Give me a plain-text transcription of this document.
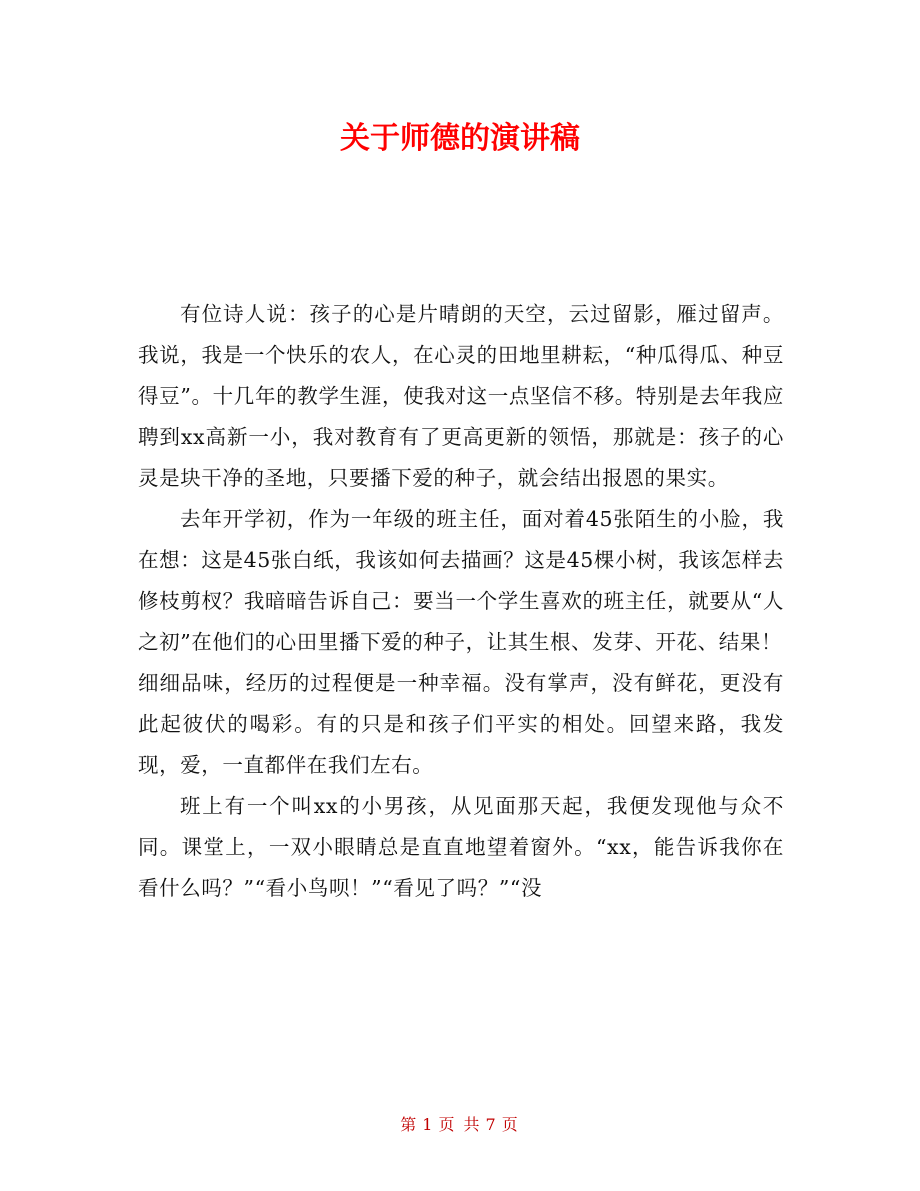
关于师德的演讲稿

有位诗人说：孩子的心是片晴朗的天空，云过留影，雁过留声。我说，我是一个快乐的农人，在心灵的田地里耕耘，“种瓜得瓜、种豆得豆”。十几年的教学生涯，使我对这一点坚信不移。特别是去年我应聘到xx高新一小，我对教育有了更高更新的领悟，那就是：孩子的心灵是块干净的圣地，只要播下爱的种子，就会结出报恩的果实。

去年开学初，作为一年级的班主任，面对着45张陌生的小脸，我在想：这是45张白纸，我该如何去描画？这是45棵小树，我该怎样去修枝剪杈？我暗暗告诉自己：要当一个学生喜欢的班主任，就要从“人之初”在他们的心田里播下爱的种子，让其生根、发芽、开花、结果！

细细品味，经历的过程便是一种幸福。没有掌声，没有鲜花，更没有此起彼伏的喝彩。有的只是和孩子们平实的相处。回望来路，我发现，爱，一直都伴在我们左右。

班上有一个叫xx的小男孩，从见面那天起，我便发现他与众不同。课堂上，一双小眼睛总是直直地望着窗外。“xx，能告诉我你在看什么吗？”“看小鸟呗！”“看见了吗？”“没

第 1 页 共 7 页
